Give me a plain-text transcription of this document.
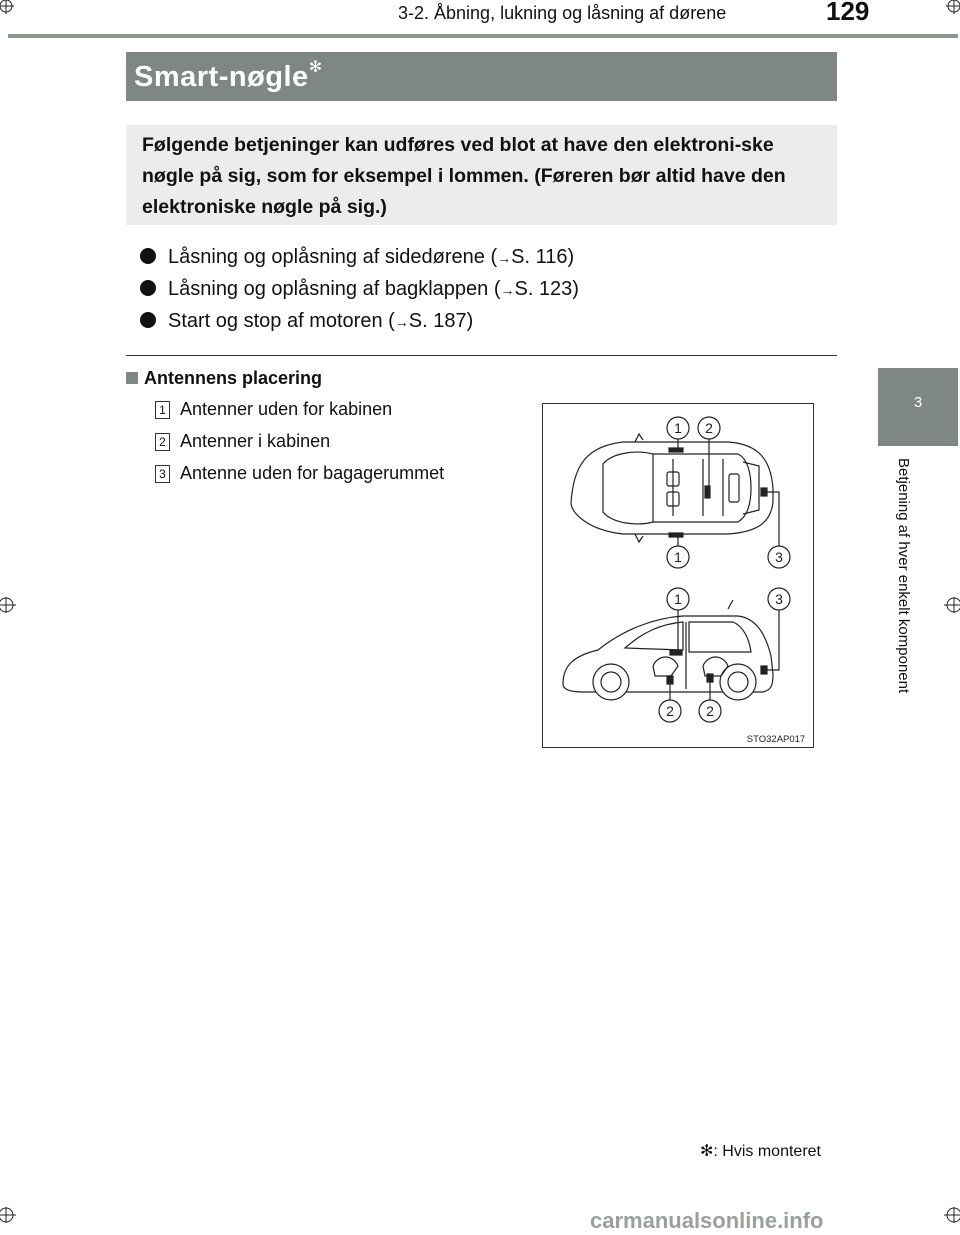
3-2. Åbning, lukning og låsning af dørene	129
Smart-nøgle✻
Følgende betjeninger kan udføres ved blot at have den elektroni-ske nøgle på sig, som for eksempel i lommen. (Føreren bør altid have den elektroniske nøgle på sig.)
Låsning og oplåsning af sidedørene (→S. 116)
Låsning og oplåsning af bagklappen (→S. 123)
Start og stop af motoren (→S. 187)
Antennens placering
1 Antenner uden for kabinen
2 Antenner i kabinen
3 Antenne uden for bagagerummet
1 2
1	3
1	3
2 2
STO32AP017
3
Betjening af hver enkelt komponent
✻: Hvis monteret
carmanualsonline.info
